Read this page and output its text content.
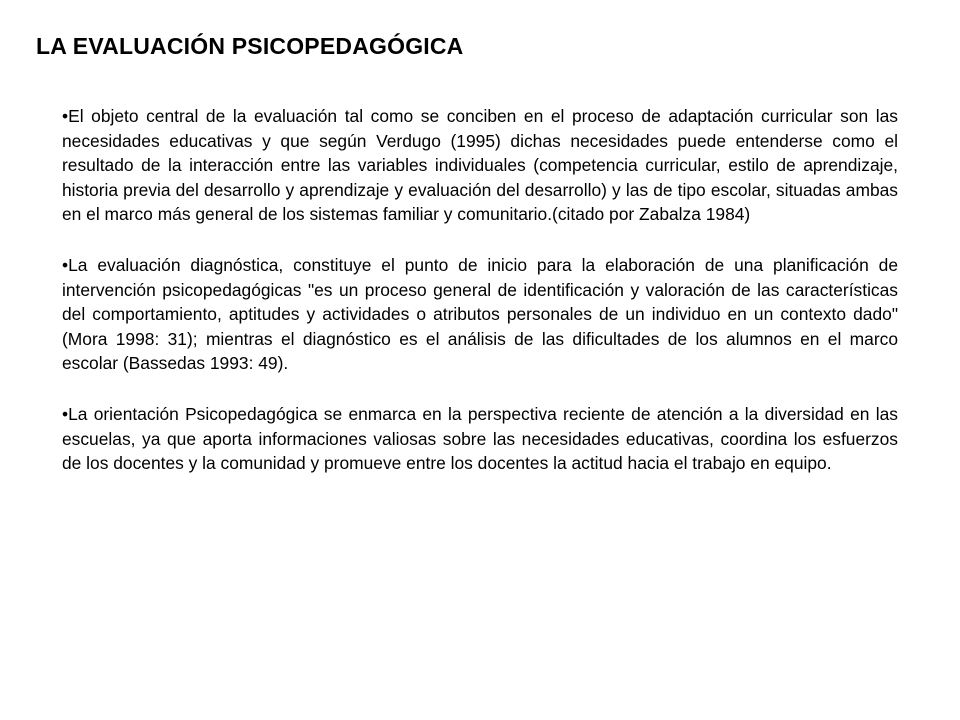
LA EVALUACIÓN PSICOPEDAGÓGICA

•El objeto central de la evaluación tal como se conciben en el proceso de adaptación curricular son las necesidades educativas y que según Verdugo (1995) dichas necesidades puede entenderse como el resultado de la interacción entre las variables individuales (competencia curricular, estilo de aprendizaje, historia previa del desarrollo y aprendizaje y evaluación del desarrollo) y las de tipo escolar, situadas ambas en el marco más general de los sistemas familiar y comunitario.(citado por Zabalza 1984)

•La evaluación diagnóstica, constituye el punto de inicio para la elaboración de una planificación de intervención psicopedagógicas "es un proceso general de identificación y valoración de las características del comportamiento, aptitudes y actividades o atributos personales de un individuo en un contexto dado" (Mora 1998: 31); mientras el diagnóstico es el análisis de las dificultades de los alumnos en el marco escolar (Bassedas 1993: 49).

•La orientación Psicopedagógica se enmarca en la perspectiva reciente de atención a la diversidad en las escuelas, ya que aporta informaciones valiosas sobre las necesidades educativas, coordina los esfuerzos de los docentes y la comunidad y promueve entre los docentes la actitud hacia el trabajo en equipo.
